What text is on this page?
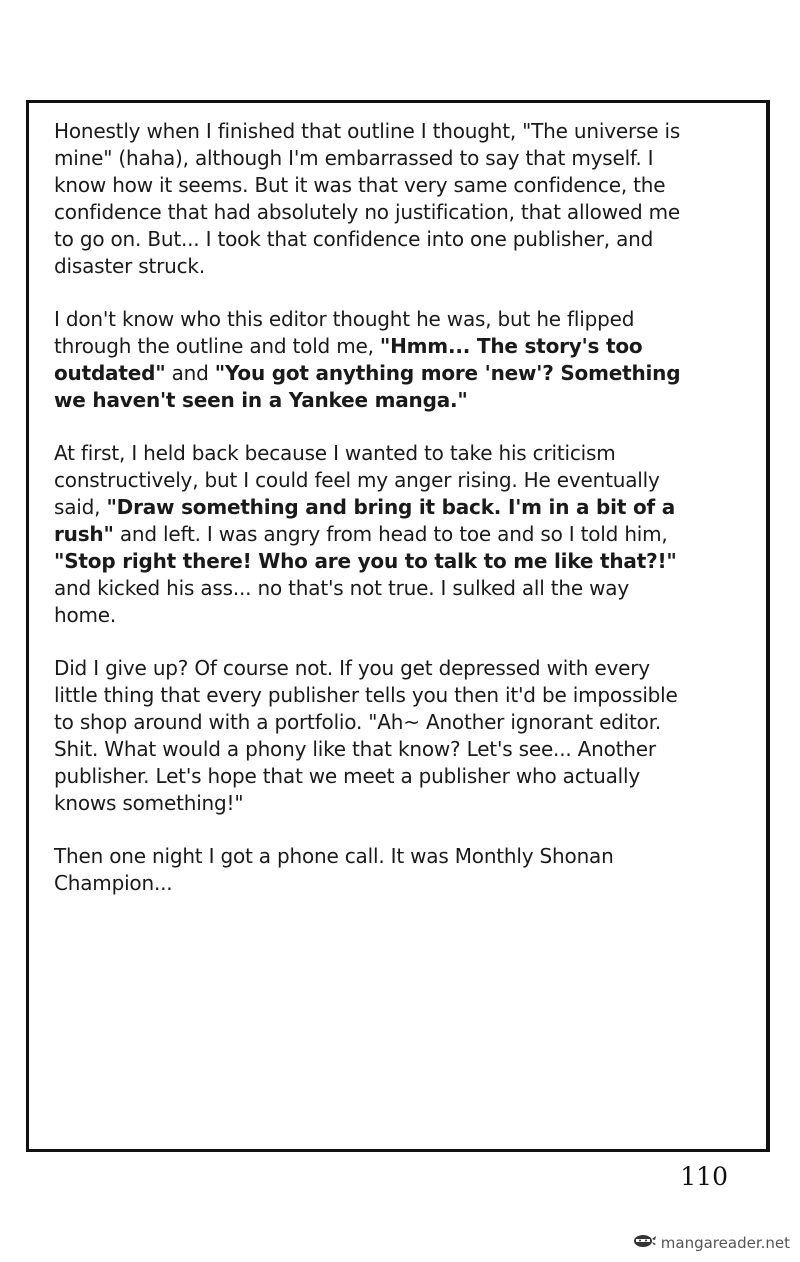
Honestly when I finished that outline I thought, "The universe is mine" (haha), although I'm embarrassed to say that myself. I know how it seems. But it was that very same confidence, the confidence that had absolutely no justification, that allowed me to go on. But... I took that confidence into one publisher, and disaster struck.

I don't know who this editor thought he was, but he flipped through the outline and told me, "Hmm... The story's too outdated" and "You got anything more 'new'? Something we haven't seen in a Yankee manga."

At first, I held back because I wanted to take his criticism constructively, but I could feel my anger rising. He eventually said, "Draw something and bring it back. I'm in a bit of a rush" and left. I was angry from head to toe and so I told him, "Stop right there! Who are you to talk to me like that?!" and kicked his ass... no that's not true. I sulked all the way home.

Did I give up? Of course not. If you get depressed with every little thing that every publisher tells you then it'd be impossible to shop around with a portfolio. "Ah~ Another ignorant editor. Shit. What would a phony like that know? Let's see... Another publisher. Let's hope that we meet a publisher who actually knows something!"

Then one night I got a phone call. It was Monthly Shonan Champion...

110
mangareader.net
